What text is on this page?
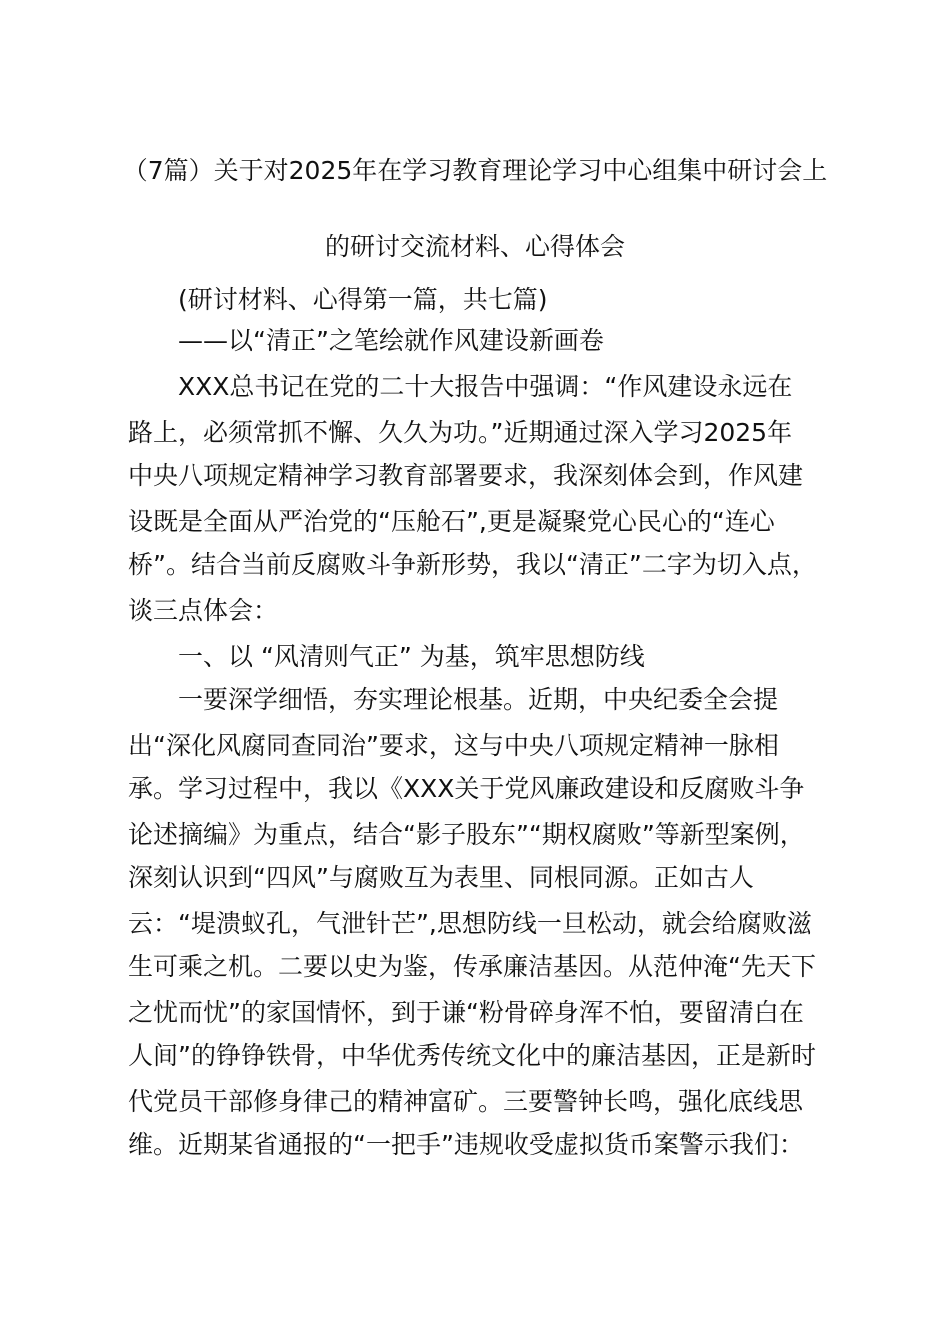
（7篇）关于对2025年在学习教育理论学习中心组集中研讨会上
的研讨交流材料、心得体会
(研讨材料、心得第一篇，共七篇)
——以“清正”之笔绘就作风建设新画卷
XXX总书记在党的二十大报告中强调：“作风建设永远在
路上，必须常抓不懈、久久为功。”近期通过深入学习2025年
中央八项规定精神学习教育部署要求，我深刻体会到，作风建
设既是全面从严治党的“压舱石”,更是凝聚党心民心的“连心
桥”。结合当前反腐败斗争新形势，我以“清正”二字为切入点，
谈三点体会：
一、以 “风清则气正” 为基，筑牢思想防线
一要深学细悟，夯实理论根基。近期，中央纪委全会提
出“深化风腐同查同治”要求，这与中央八项规定精神一脉相
承。学习过程中，我以《XXX关于党风廉政建设和反腐败斗争
论述摘编》为重点，结合“影子股东”“期权腐败”等新型案例，
深刻认识到“四风”与腐败互为表里、同根同源。正如古人
云：“堤溃蚁孔，气泄针芒”,思想防线一旦松动，就会给腐败滋
生可乘之机。二要以史为鉴，传承廉洁基因。从范仲淹“先天下
之忧而忧”的家国情怀，到于谦“粉骨碎身浑不怕，要留清白在
人间”的铮铮铁骨，中华优秀传统文化中的廉洁基因，正是新时
代党员干部修身律己的精神富矿。三要警钟长鸣，强化底线思
维。近期某省通报的“一把手”违规收受虚拟货币案警示我们：
